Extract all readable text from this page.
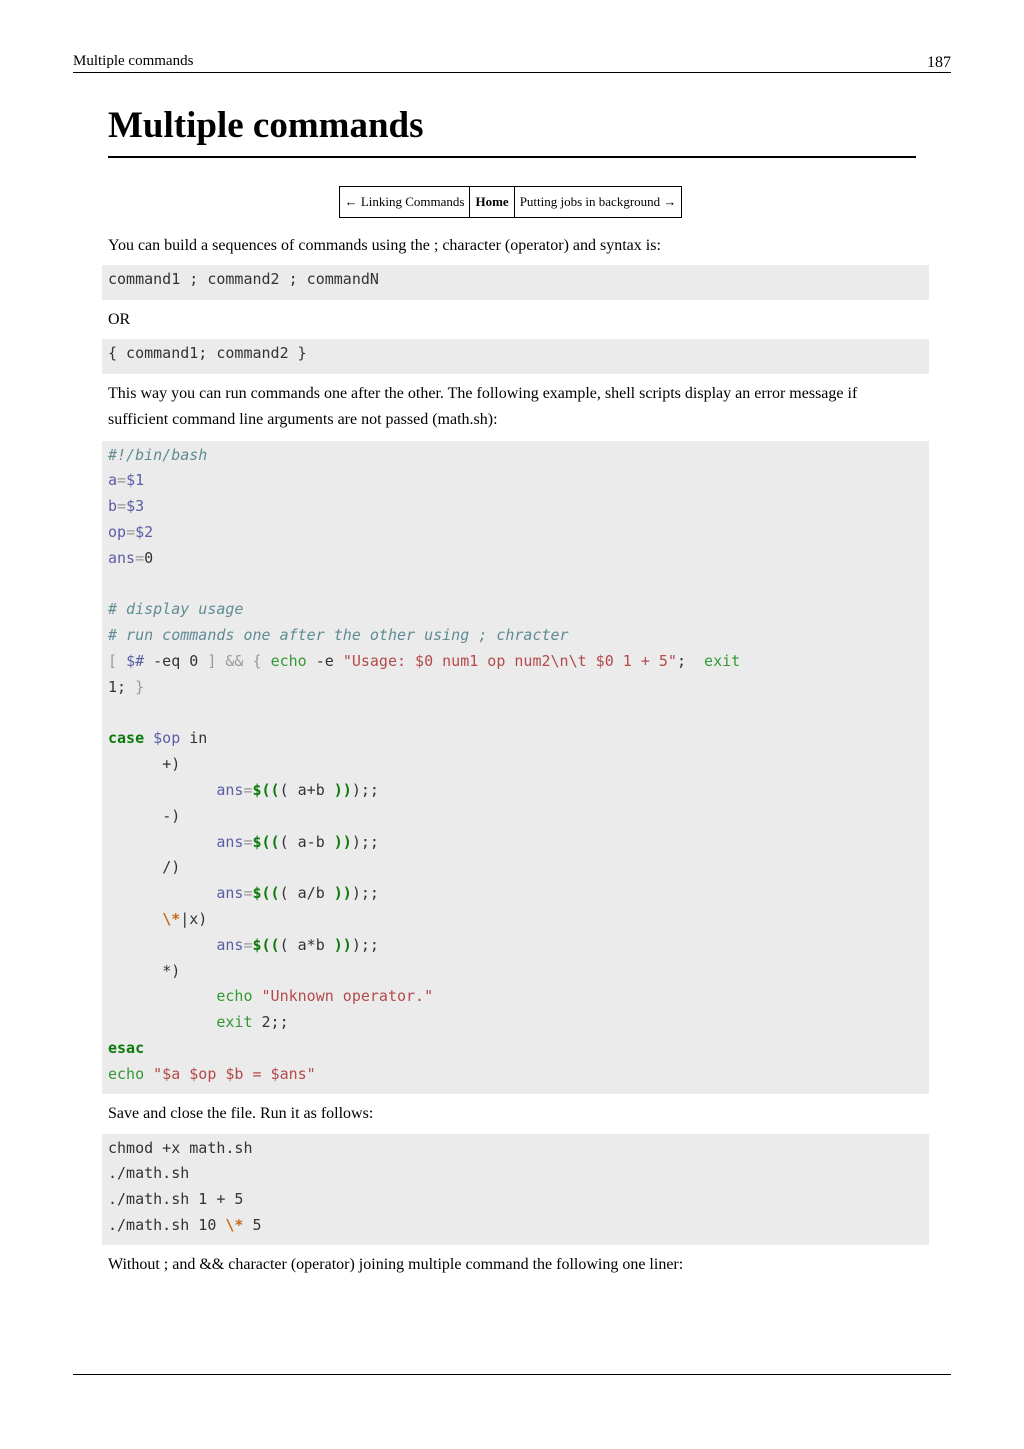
Multiple commands	187
Multiple commands
← Linking Commands	Home	Putting jobs in background →

You can build a sequences of commands using the ; character (operator) and syntax is:

command1 ; command2 ; commandN

OR

{ command1; command2 }

This way you can run commands one after the other. The following example, shell scripts display an error message if sufficient command line arguments are not passed (math.sh):

#!/bin/bash
a=$1
b=$3
op=$2
ans=0

# display usage
# run commands one after the other using ; chracter
[ $# -eq 0 ] && { echo -e "Usage: $0 num1 op num2\n\t $0 1 + 5";  exit
1; }

case $op in
+)
ans=$((( a+b )));;
-)
ans=$((( a-b )));;
/)
ans=$((( a/b )));;
\*|x)
ans=$((( a*b )));;
*)
echo "Unknown operator."
exit 2;;
esac
echo "$a $op $b = $ans"

Save and close the file. Run it as follows:

chmod +x math.sh
./math.sh
./math.sh 1 + 5
./math.sh 10 \* 5

Without ; and && character (operator) joining multiple command the following one liner:
